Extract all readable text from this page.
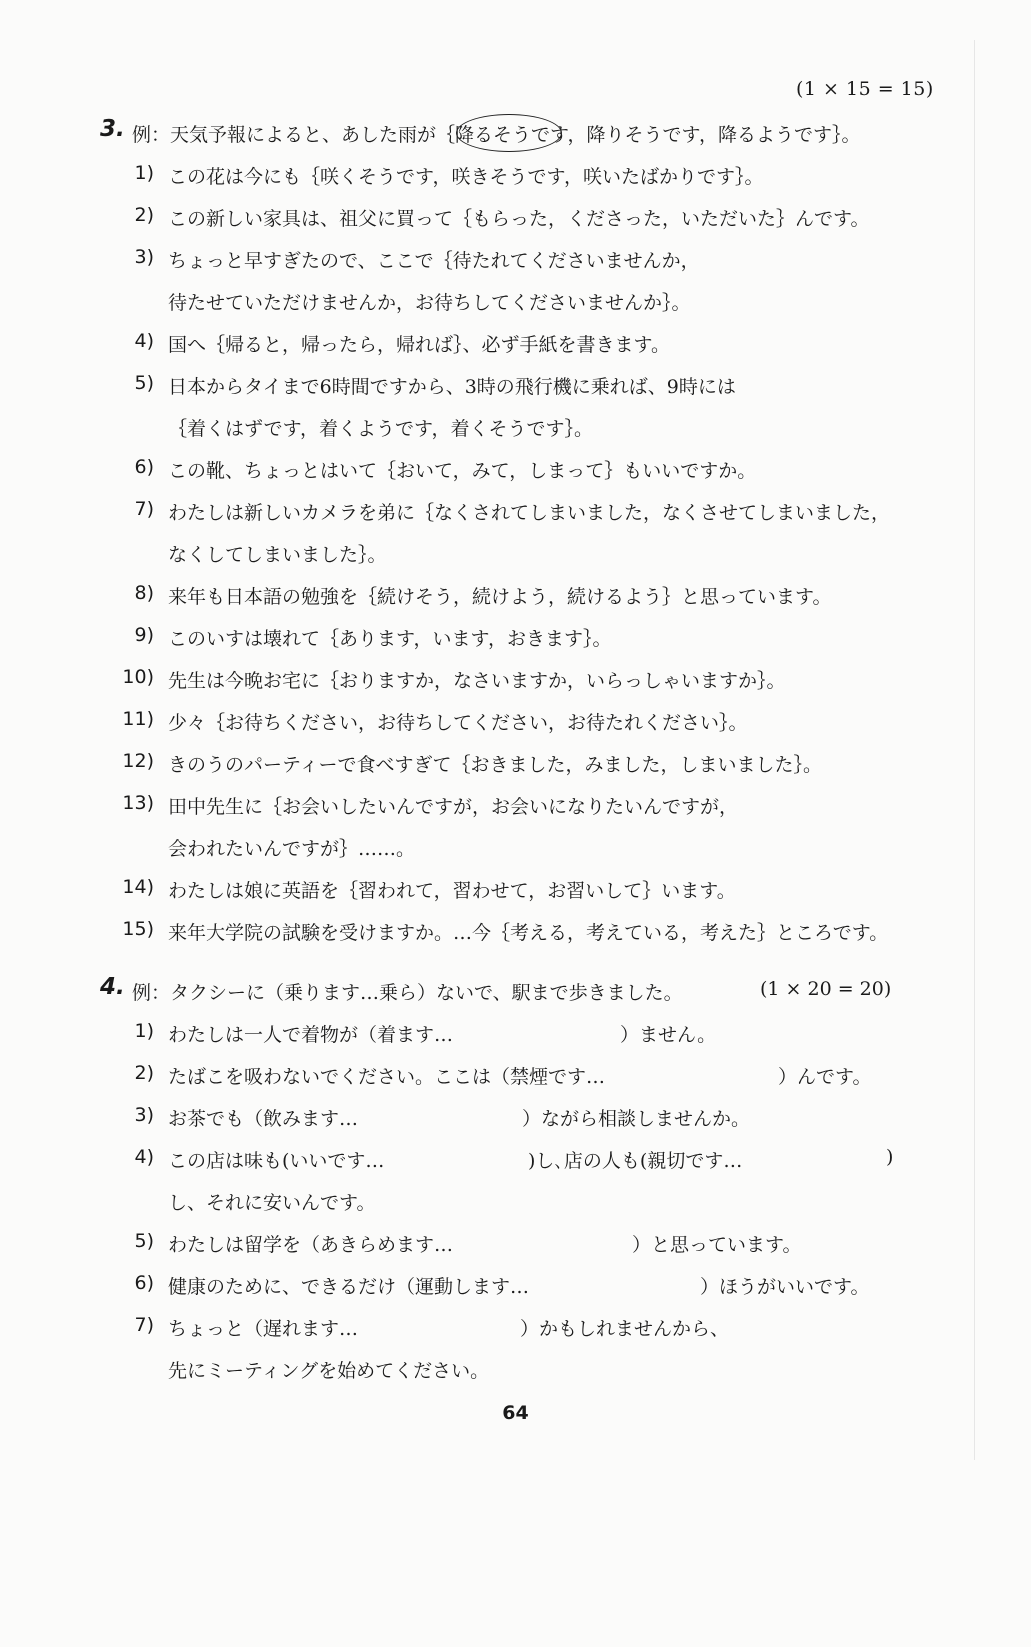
(1 × 15 = 15)
3. 例：天気予報によると、あした雨が｛降るそうです，降りそうです，降るようです｝。
1) この花は今にも｛咲くそうです，咲きそうです，咲いたばかりです｝。
2) この新しい家具は、祖父に買って｛もらった，くださった，いただいた｝んです。
3) ちょっと早すぎたので、ここで｛待たれてくださいませんか，
待たせていただけませんか，お待ちしてくださいませんか｝。
4) 国へ｛帰ると，帰ったら，帰れば｝、必ず手紙を書きます。
5) 日本からタイまで6時間ですから、3時の飛行機に乗れば、9時には
｛着くはずです，着くようです，着くそうです｝。
6) この靴、ちょっとはいて｛おいて，みて，しまって｝もいいですか。
7) わたしは新しいカメラを弟に｛なくされてしまいました，なくさせてしまいました，
なくしてしまいました｝。
8) 来年も日本語の勉強を｛続けそう，続けよう，続けるよう｝と思っています。
9) このいすは壊れて｛あります，います，おきます｝。
10) 先生は今晩お宅に｛おりますか，なさいますか，いらっしゃいますか｝。
11) 少々｛お待ちください，お待ちしてください，お待たれください｝。
12) きのうのパーティーで食べすぎて｛おきました，みました，しまいました｝。
13) 田中先生に｛お会いしたいんですが，お会いになりたいんですが，
会われたいんですが｝……。
14) わたしは娘に英語を｛習われて，習わせて，お習いして｝います。
15) 来年大学院の試験を受けますか。…今｛考える，考えている，考えた｝ところです。
4. 例：タクシーに（乗ります…乗ら）ないで、駅まで歩きました。	(1 × 20 = 20)
1) わたしは一人で着物が（着ます…	）ません。
2) たばこを吸わないでください。ここは（禁煙です…	）んです。
3) お茶でも（飲みます…	）ながら相談しませんか。
4) この店は味も(いいです…	)し､店の人も(親切です…	)
し、それに安いんです。
5) わたしは留学を（あきらめます…	）と思っています。
6) 健康のために、できるだけ（運動します…	）ほうがいいです。
7) ちょっと（遅れます…	）かもしれませんから、
先にミーティングを始めてください。
64
